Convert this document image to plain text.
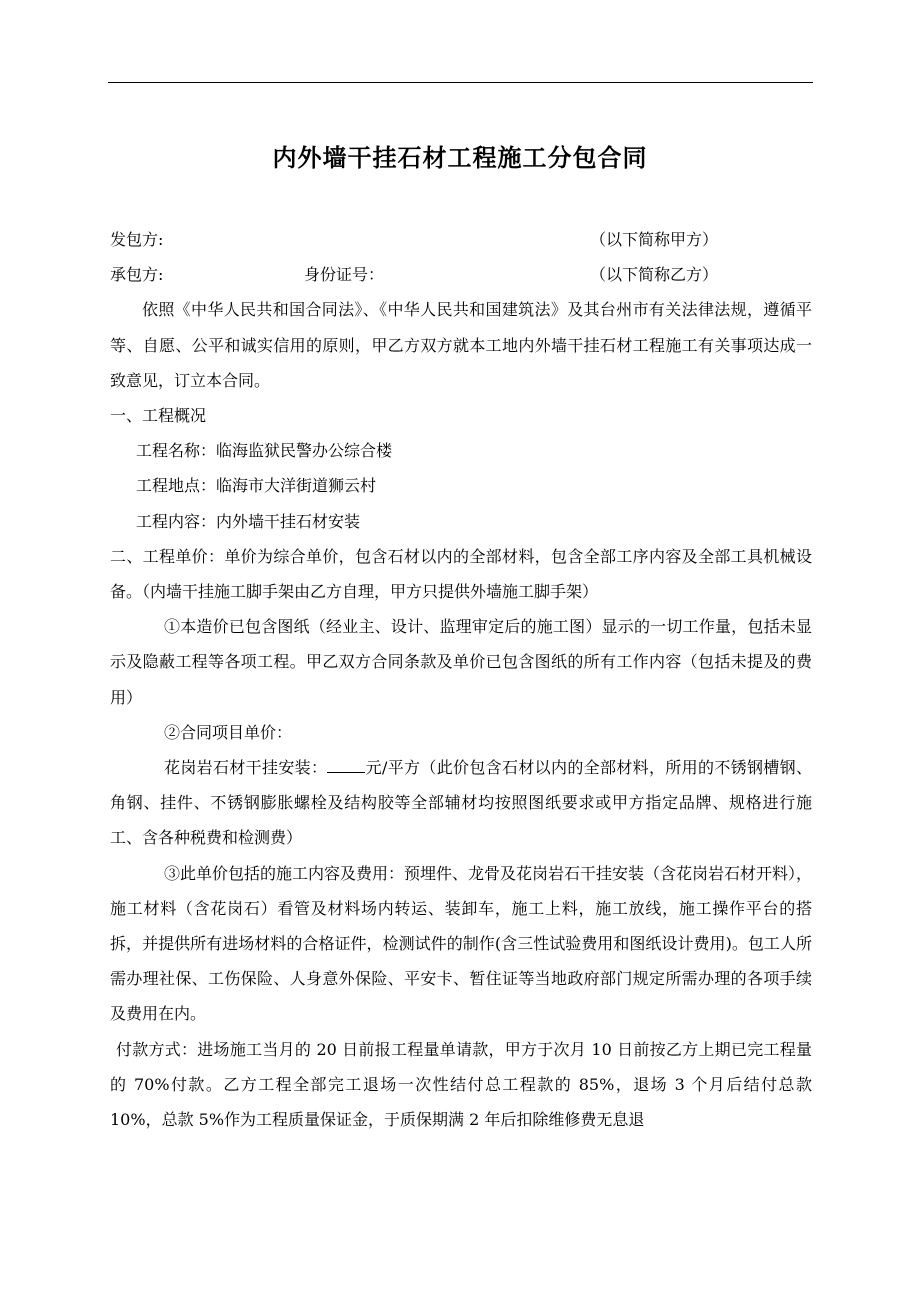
内外墙干挂石材工程施工分包合同
发包方:	（以下简称甲方）
承包方:	身份证号：	（以下简称乙方）

依照《中华人民共和国合同法》、《中华人民共和国建筑法》及其台州市有关法律法规，遵循平等、自愿、公平和诚实信用的原则，甲乙方双方就本工地内外墙干挂石材工程施工有关事项达成一致意见，订立本合同。

一、工程概况

工程名称：临海监狱民警办公综合楼

工程地点：临海市大洋街道狮云村

工程内容：内外墙干挂石材安装

二、工程单价：单价为综合单价，包含石材以内的全部材料，包含全部工序内容及全部工具机械设备。（内墙干挂施工脚手架由乙方自理，甲方只提供外墙施工脚手架）

①本造价已包含图纸（经业主、设计、监理审定后的施工图）显示的一切工作量，包括未显示及隐蔽工程等各项工程。甲乙双方合同条款及单价已包含图纸的所有工作内容（包括未提及的费用）

②合同项目单价：

花岗岩石材干挂安装： 元/平方（此价包含石材以内的全部材料，所用的不锈钢槽钢、角钢、挂件、不锈钢膨胀螺栓及结构胶等全部辅材均按照图纸要求或甲方指定品牌、规格进行施工、含各种税费和检测费）

③此单价包括的施工内容及费用：预埋件、龙骨及花岗岩石干挂安装（含花岗岩石材开料），施工材料（含花岗石）看管及材料场内转运、装卸车，施工上料，施工放线，施工操作平台的搭拆，并提供所有进场材料的合格证件，检测试件的制作(含三性试验费用和图纸设计费用)。包工人所需办理社保、工伤保险、人身意外保险、平安卡、暂住证等当地政府部门规定所需办理的各项手续及费用在内。

付款方式：进场施工当月的 20 日前报工程量单请款，甲方于次月 10 日前按乙方上期已完工程量的 70%付款。乙方工程全部完工退场一次性结付总工程款的 85%，退场 3 个月后结付总款 10%，总款 5%作为工程质量保证金，于质保期满 2 年后扣除维修费无息退
